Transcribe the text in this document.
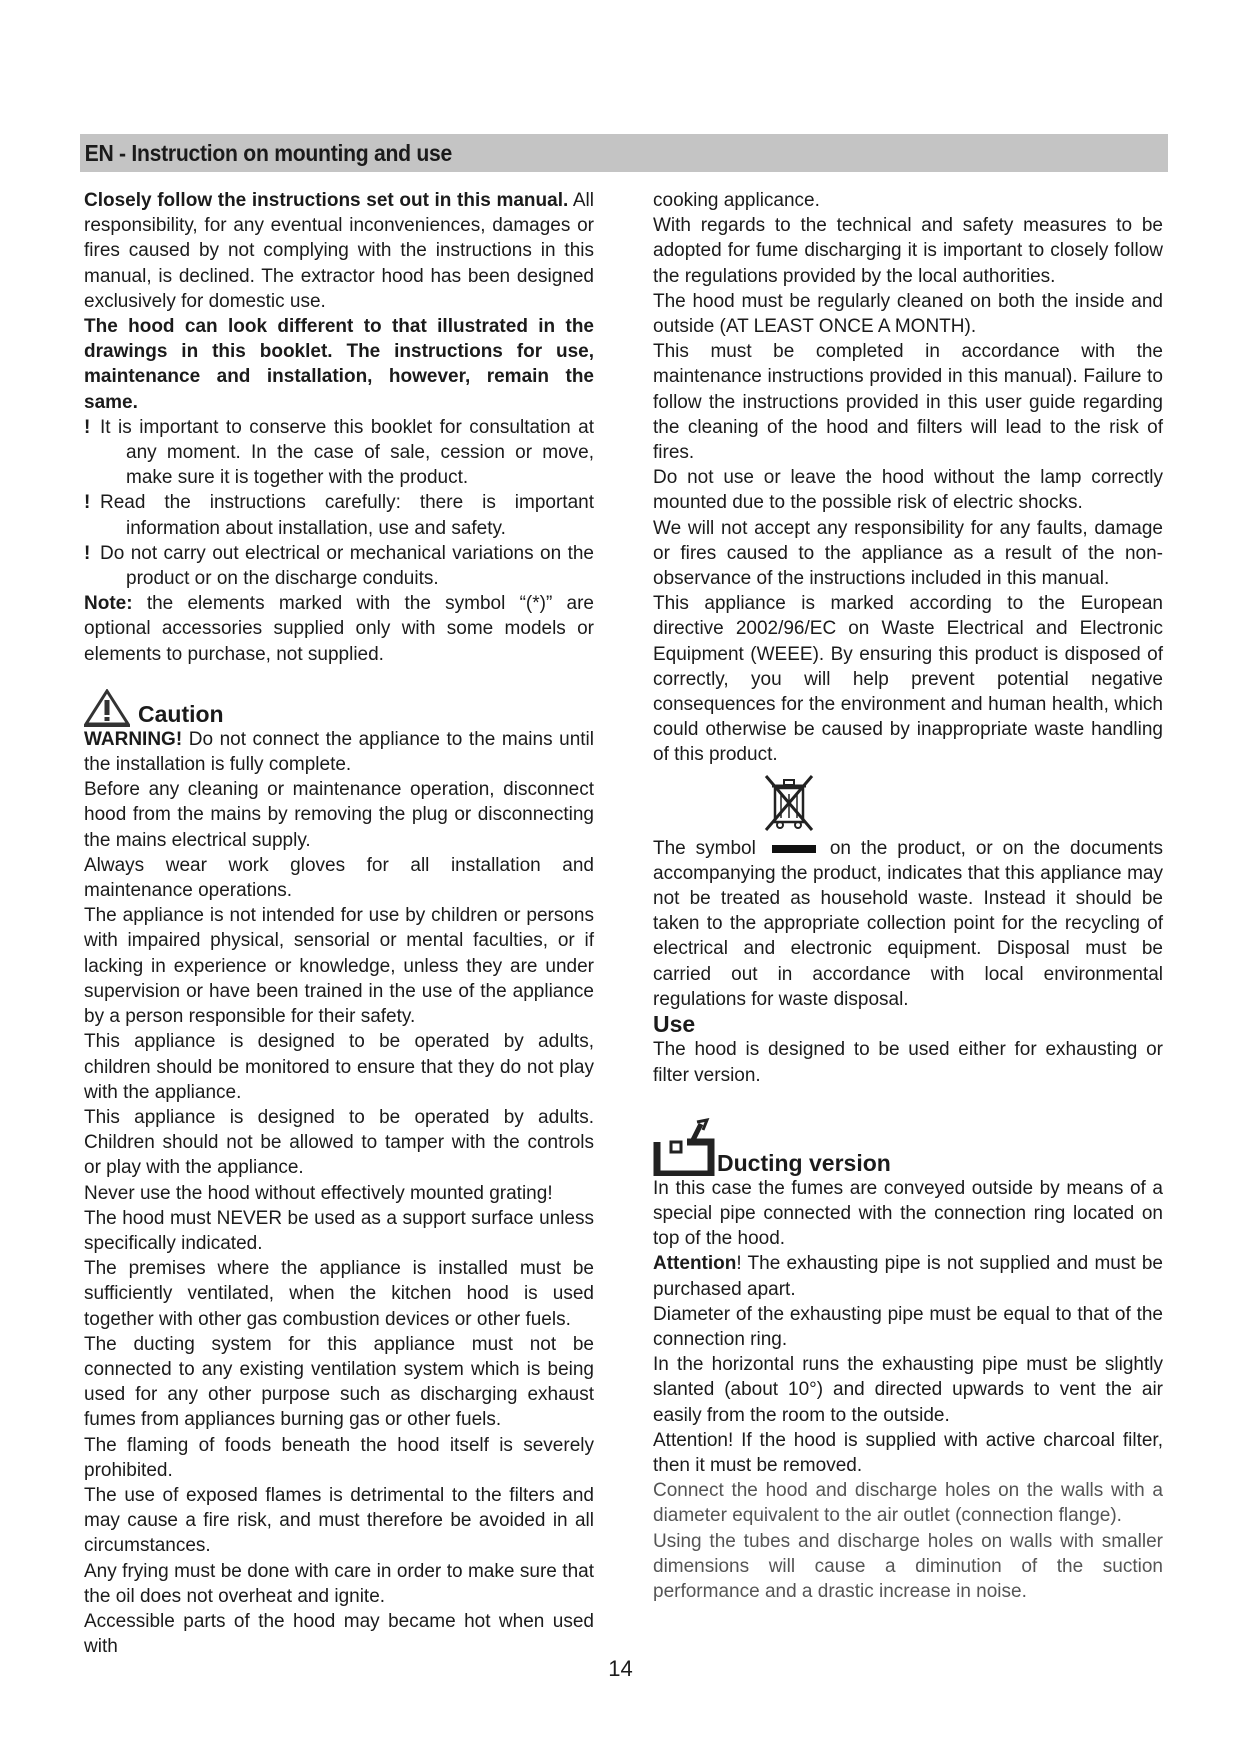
EN - Instruction on mounting and use

Closely follow the instructions set out in this manual. All responsibility, for any eventual inconveniences, damages or fires caused by not complying with the instructions in this manual, is declined. The extractor hood has been designed exclusively for domestic use.

The hood can look different to that illustrated in the drawings in this booklet. The instructions for use, maintenance and installation, however, remain the same.

! It is important to conserve this booklet for consultation at any moment. In the case of sale, cession or move, make sure it is together with the product.

! Read the instructions carefully: there is important information about installation, use and safety.

! Do not carry out electrical or mechanical variations on the product or on the discharge conduits.

Note: the elements marked with the symbol “(*)” are optional accessories supplied only with some models or elements to purchase, not supplied.

Caution

WARNING! Do not connect the appliance to the mains until the installation is fully complete.

Before any cleaning or maintenance operation, disconnect hood from the mains by removing the plug or disconnecting the mains electrical supply.

Always wear work gloves for all installation and maintenance operations.

The appliance is not intended for use by children or persons with impaired physical, sensorial or mental faculties, or if lacking in experience or knowledge, unless they are under supervision or have been trained in the use of the appliance by a person responsible for their safety.

This appliance is designed to be operated by adults, children should be monitored to ensure that they do not play with the appliance.

This appliance is designed to be operated by adults. Children should not be allowed to tamper with the controls or play with the appliance.

Never use the hood without effectively mounted grating!

The hood must NEVER be used as a support surface unless specifically indicated.

The premises where the appliance is installed must be sufficiently ventilated, when the kitchen hood is used together with other gas combustion devices or other fuels.

The ducting system for this appliance must not be connected to any existing ventilation system which is being used for any other purpose such as discharging exhaust fumes from appliances burning gas or other fuels.

The flaming of foods beneath the hood itself is severely prohibited.

The use of exposed flames is detrimental to the filters and may cause a fire risk, and must therefore be avoided in all circumstances.

Any frying must be done with care in order to make sure that the oil does not overheat and ignite.

Accessible parts of the hood may became hot when used with

cooking applicance.

With regards to the technical and safety measures to be adopted for fume discharging it is important to closely follow the regulations provided by the local authorities.

The hood must be regularly cleaned on both the inside and outside (AT LEAST ONCE A MONTH).

This must be completed in accordance with the maintenance instructions provided in this manual). Failure to follow the instructions provided in this user guide regarding the cleaning of the hood and filters will lead to the risk of fires.

Do not use or leave the hood without the lamp correctly mounted due to the possible risk of electric shocks.

We will not accept any responsibility for any faults, damage or fires caused to the appliance as a result of the non-observance of the instructions included in this manual.

This appliance is marked according to the European directive 2002/96/EC on Waste Electrical and Electronic Equipment (WEEE). By ensuring this product is disposed of correctly, you will help prevent potential negative consequences for the environment and human health, which could otherwise be caused by inappropriate waste handling of this product.

The symbol	on the product, or on the documents accompanying the product, indicates that this appliance may not be treated as household waste. Instead it should be taken to the appropriate collection point for the recycling of electrical and electronic equipment. Disposal must be carried out in accordance with local environmental regulations for waste disposal.

Use

The hood is designed to be used either for exhausting or filter version.

Ducting version

In this case the fumes are conveyed outside by means of a special pipe connected with the connection ring located on top of the hood.

Attention! The exhausting pipe is not supplied and must be purchased apart.

Diameter of the exhausting pipe must be equal to that of the connection ring.

In the horizontal runs the exhausting pipe must be slightly slanted (about 10°) and directed upwards to vent the air easily from the room to the outside.

Attention! If the hood is supplied with active charcoal filter, then it must be removed.

Connect the hood and discharge holes on the walls with a diameter equivalent to the air outlet (connection flange).

Using the tubes and discharge holes on walls with smaller dimensions will cause a diminution of the suction performance and a drastic increase in noise.

14
